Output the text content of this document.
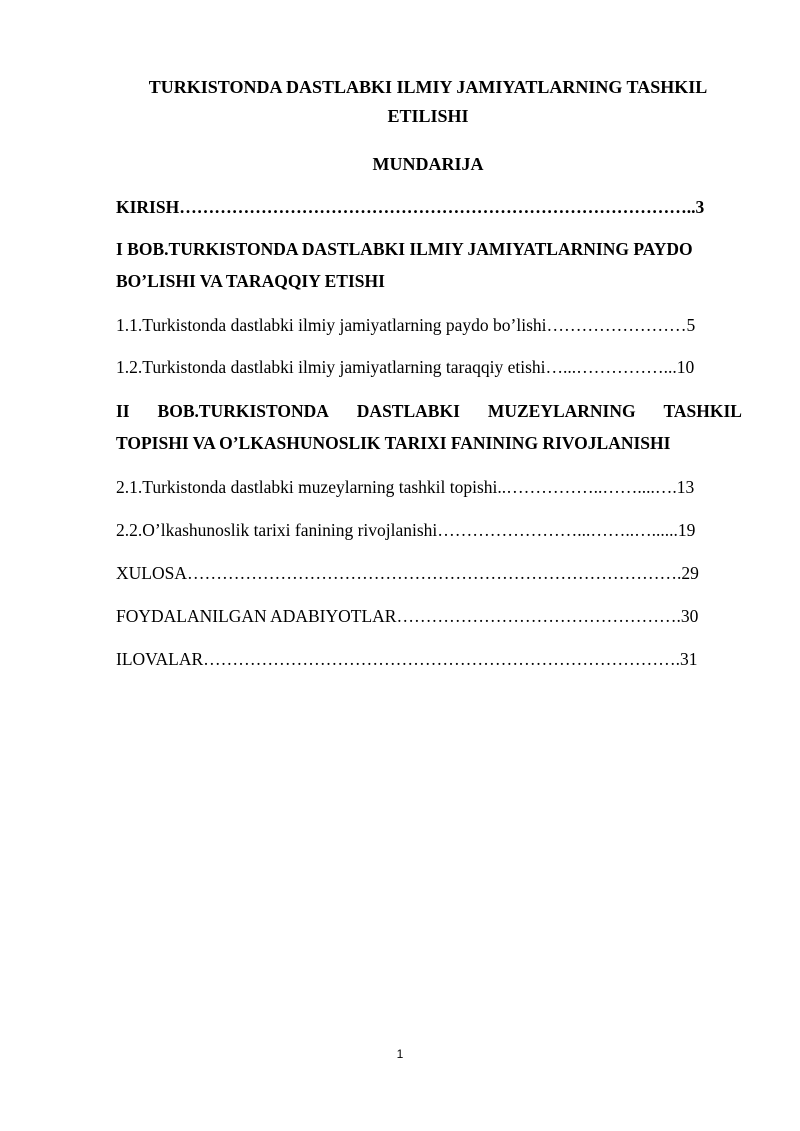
TURKISTONDA DASTLABKI ILMIY JAMIYATLARNING TASHKIL

ETILISHI

MUNDARIJA

KIRISH……………………………………………………………………………..3

I BOB.TURKISTONDA DASTLABKI ILMIY JAMIYATLARNING PAYDO

BO’LISHI VA TARAQQIY ETISHI

1.1.Turkistonda dastlabki ilmiy jamiyatlarning paydo bo’lishi……………………5

1.2.Turkistonda dastlabki ilmiy jamiyatlarning taraqqiy etishi…...……………...10

II BOB.TURKISTONDA DASTLABKI MUZEYLARNING TASHKIL

TOPISHI VA O’LKASHUNOSLIK TARIXI FANINING RIVOJLANISHI

2.1.Turkistonda dastlabki muzeylarning tashkil topishi..……………..……....….13

2.2.O’lkashunoslik tarixi fanining rivojlanishi……………………...……..…......19

XULOSA………………………………………………………………………….29

FOYDALANILGAN ADABIYOTLAR………………………………………….30

ILOVALAR……………………………………………………………………….31

1
